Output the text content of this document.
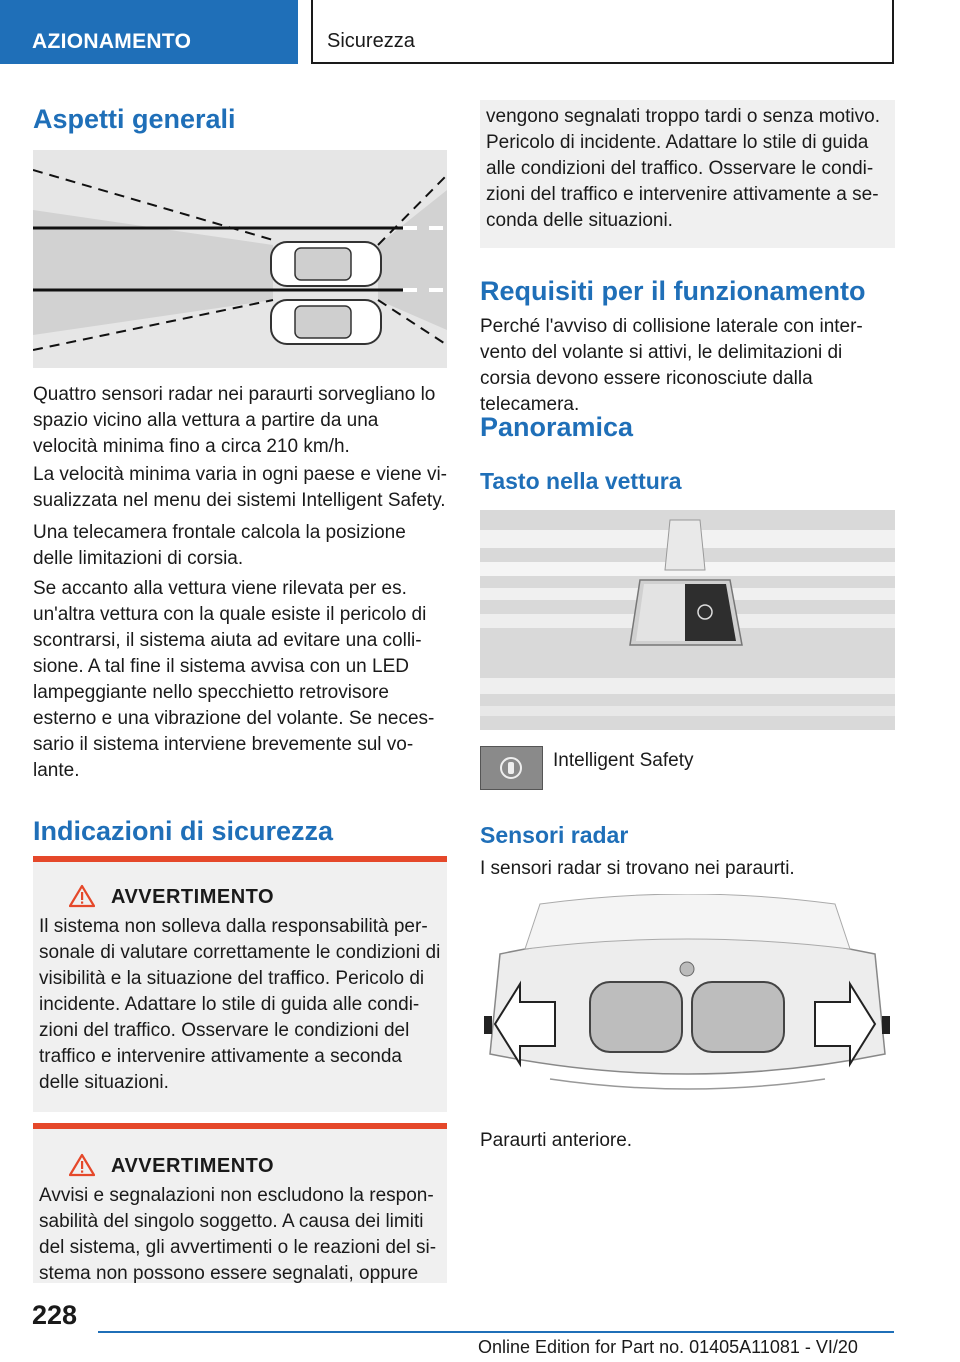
AZIONAMENTO	Sicurezza
Aspetti generali

Quattro sensori radar nei paraurti sorvegliano lo spazio vicino alla vettura a partire da una velocità minima fino a circa 210 km/h.

La velocità minima varia in ogni paese e viene vi-sualizzata nel menu dei sistemi Intelligent Safety.

Una telecamera frontale calcola la posizione delle limitazioni di corsia.

Se accanto alla vettura viene rilevata per es. un'altra vettura con la quale esiste il pericolo di scontrarsi, il sistema aiuta ad evitare una colli-sione. A tal fine il sistema avvisa con un LED lampeggiante nello specchietto retrovisore esterno e una vibrazione del volante. Se neces-sario il sistema interviene brevemente sul vo-lante.

Indicazioni di sicurezza
AVVERTIMENTO

Il sistema non solleva dalla responsabilità per-sonale di valutare correttamente le condizioni di visibilità e la situazione del traffico. Pericolo di incidente. Adattare lo stile di guida alle condi-zioni del traffico. Osservare le condizioni del traffico e intervenire attivamente a seconda delle situazioni.

AVVERTIMENTO

Avvisi e segnalazioni non escludono la respon-sabilità del singolo soggetto. A causa dei limiti del sistema, gli avvertimenti o le reazioni del si-stema non possono essere segnalati, oppure

vengono segnalati troppo tardi o senza motivo. Pericolo di incidente. Adattare lo stile di guida alle condizioni del traffico. Osservare le condi-zioni del traffico e intervenire attivamente a se-conda delle situazioni.

Requisiti per il funzionamento

Perché l'avviso di collisione laterale con inter-vento del volante si attivi, le delimitazioni di corsia devono essere riconosciute dalla telecamera.

Panoramica
Tasto nella vettura
Intelligent Safety
Sensori radar

I sensori radar si trovano nei paraurti.

Paraurti anteriore.

228
Online Edition for Part no. 01405A11081 - VI/20
